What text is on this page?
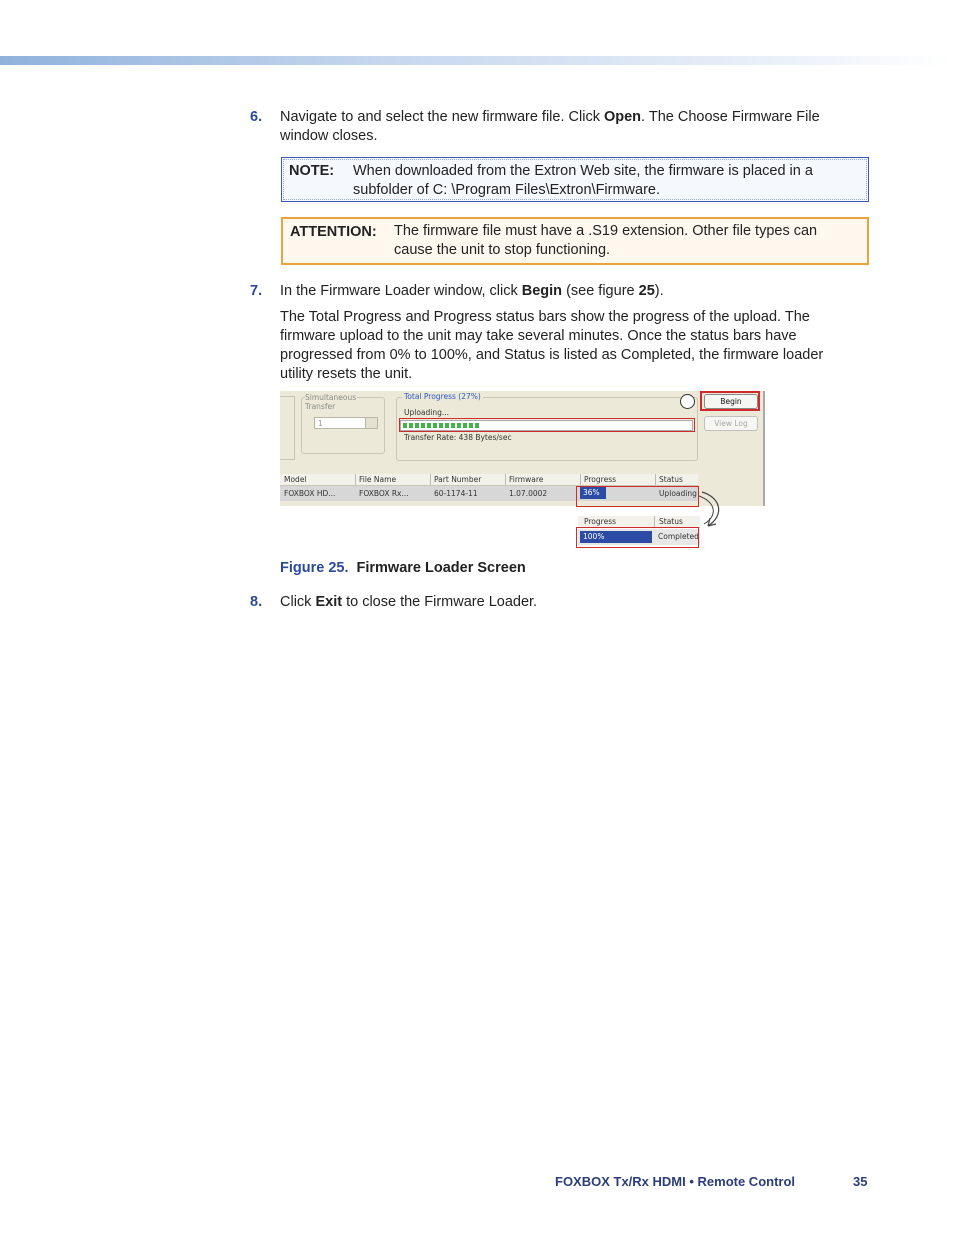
6. Navigate to and select the new firmware file. Click Open. The Choose Firmware File window closes.
NOTE: When downloaded from the Extron Web site, the firmware is placed in a subfolder of C: \Program Files\Extron\Firmware.
ATTENTION: The firmware file must have a .S19 extension. Other file types can cause the unit to stop functioning.
7. In the Firmware Loader window, click Begin (see figure 25).
The Total Progress and Progress status bars show the progress of the upload. The firmware upload to the unit may take several minutes. Once the status bars have progressed from 0% to 100%, and Status is listed as Completed, the firmware loader utility resets the unit.
Simultaneous Transfer
1
Total Progress (27%)
Uploading...
Transfer Rate: 438 Bytes/sec
Begin
View Log
Model	File Name	Part Number	Firmware	Progress	Status
FOXBOX HD...	FOXBOX Rx...	60-1174-11	1.07.0002	36%	Uploading
Progress	Status
100%	Completed
Figure 25. Firmware Loader Screen
8. Click Exit to close the Firmware Loader.
FOXBOX Tx/Rx HDMI • Remote Control	35
